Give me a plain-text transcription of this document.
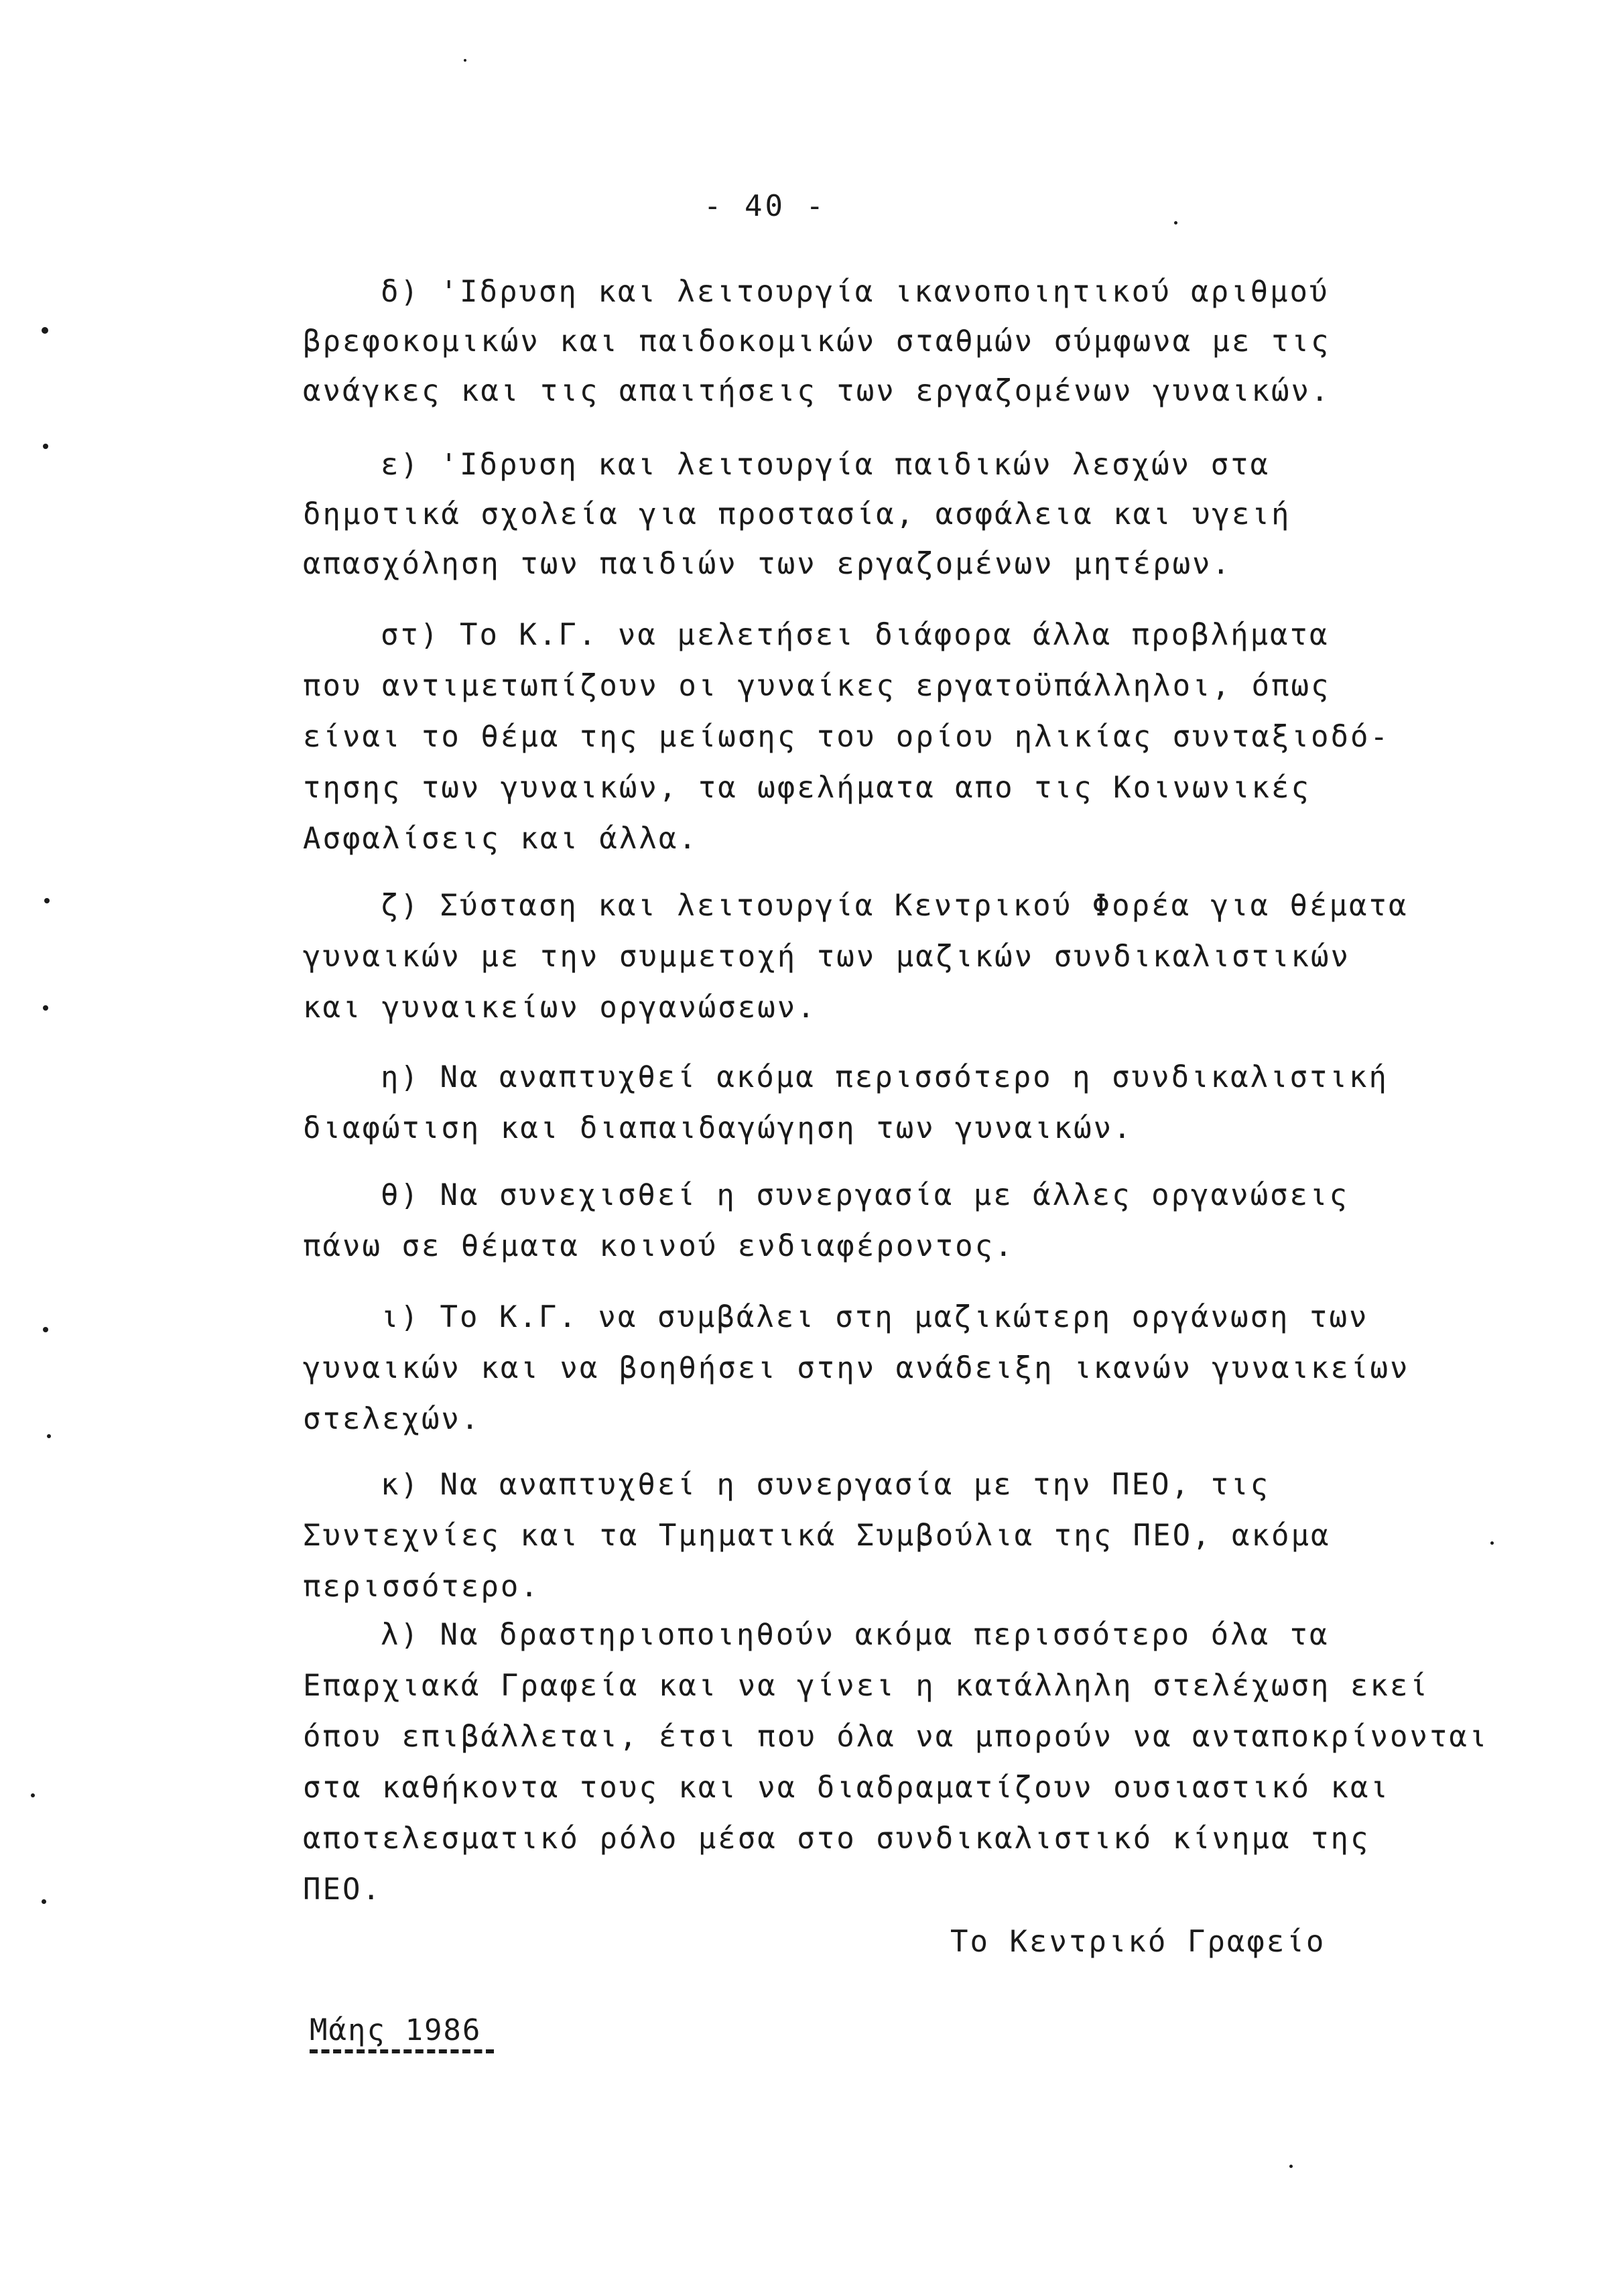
- 40 -
δ) 'Ιδρυση και λειτουργία ικανοποιητικού αριθμού
βρεφοκομικών και παιδοκομικών σταθμών σύμφωνα με τις
ανάγκες και τις απαιτήσεις των εργαζομένων γυναικών.
ε) 'Ιδρυση και λειτουργία παιδικών λεσχών στα
δημοτικά σχολεία για προστασία, ασφάλεια και υγειή
απασχόληση των παιδιών των εργαζομένων μητέρων.
στ) Το Κ.Γ. να μελετήσει διάφορα άλλα προβλήματα
που αντιμετωπίζουν οι γυναίκες εργατοϋπάλληλοι, όπως
είναι το θέμα της μείωσης του ορίου ηλικίας συνταξιοδό-
τησης των γυναικών, τα ωφελήματα απο τις Κοινωνικές
Ασφαλίσεις και άλλα.
ζ) Σύσταση και λειτουργία Κεντρικού Φορέα για θέματα
γυναικών με την συμμετοχή των μαζικών συνδικαλιστικών
και γυναικείων οργανώσεων.
η) Να αναπτυχθεί ακόμα περισσότερο η συνδικαλιστική
διαφώτιση και διαπαιδαγώγηση των γυναικών.
θ) Να συνεχισθεί η συνεργασία με άλλες οργανώσεις
πάνω σε θέματα κοινού ενδιαφέροντος.
ι) Το Κ.Γ. να συμβάλει στη μαζικώτερη οργάνωση των
γυναικών και να βοηθήσει στην ανάδειξη ικανών γυναικείων
στελεχών.
κ) Να αναπτυχθεί η συνεργασία με την ΠΕΟ, τις
Συντεχνίες και τα Τμηματικά Συμβούλια της ΠΕΟ, ακόμα
περισσότερο.
λ) Να δραστηριοποιηθούν ακόμα περισσότερο όλα τα
Επαρχιακά Γραφεία και να γίνει η κατάλληλη στελέχωση εκεί
όπου επιβάλλεται, έτσι που όλα να μπορούν να ανταποκρίνονται
στα καθήκοντα τους και να διαδραματίζουν ουσιαστικό και
αποτελεσματικό ρόλο μέσα στο συνδικαλιστικό κίνημα της
ΠΕΟ.
Το Κεντρικό Γραφείο
Μάης 1986
